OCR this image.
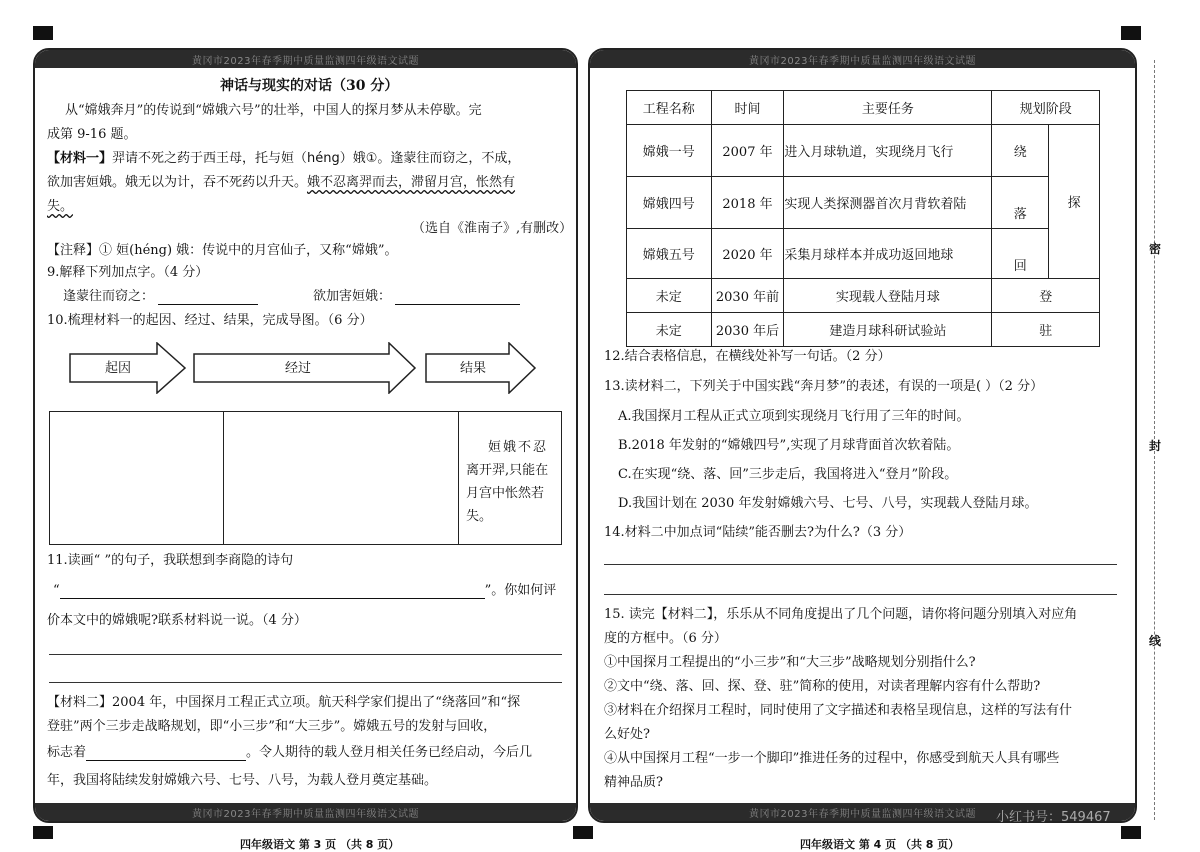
黄冈市2023年春季期中质量监测四年级语文试题
神话与现实的对话（30 分）
从“嫦娥奔月”的传说到“嫦娥六号”的壮举，中国人的探月梦从未停歇。完
成第 9-16 题。
【材料一】羿请不死之药于西王母，托与姮（héng）娥①。逢蒙往而窃之，不成，
欲加害姮娥。娥无以为计，吞不死药以升天。娥不忍离羿而去，滞留月宫，怅然有
失。
（选自《淮南子》,有删改）
【注释】① 姮(héng) 娥：传说中的月宫仙子，又称“嫦娥”。
9.解释下列加点字。（4 分）
逢蒙往而窃之：	欲加害姮娥：
10.梳理材料一的起因、经过、结果，完成导图。（6 分）
起因	经过	结果
姮娥不忍
离开羿,只能在
月宫中怅然若
失。
11.读画“ ”的句子，我联想到李商隐的诗句
“	”。你如何评
价本文中的嫦娥呢?联系材料说一说。（4 分）
【材料二】2004 年，中国探月工程正式立项。航天科学家们提出了“绕落回”和“探
登驻”两个三步走战略规划，即“小三步”和“大三步”。嫦娥五号的发射与回收，
标志着	。令人期待的载人登月相关任务已经启动，今后几
年，我国将陆续发射嫦娥六号、七号、八号，为载人登月奠定基础。
黄冈市2023年春季期中质量监测四年级语文试题
黄冈市2023年春季期中质量监测四年级语文试题
工程名称	时间	主要任务	规划阶段	
嫦娥一号	2007 年	进入月球轨道，实现绕月飞行	绕	探
嫦娥四号	2018 年	实现人类探测器首次月背软着陆	落	
嫦娥五号	2020 年	采集月球样本并成功返回地球	回	
未定	2030 年前	实现载人登陆月球	登	
未定	2030 年后	建造月球科研试验站	驻	
12.结合表格信息，在横线处补写一句话。（2 分）
13.读材料二，下列关于中国实践“奔月梦”的表述，有误的一项是( ）（2 分）
A.我国探月工程从正式立项到实现绕月飞行用了三年的时间。
B.2018 年发射的“嫦娥四号”,实现了月球背面首次软着陆。
C.在实现“绕、落、回”三步走后，我国将进入“登月”阶段。
D.我国计划在 2030 年发射嫦娥六号、七号、八号，实现载人登陆月球。
14.材料二中加点词“陆续”能否删去?为什么?（3 分）
15. 读完【材料二】，乐乐从不同角度提出了几个问题，请你将问题分别填入对应角
度的方框中。（6 分）
①中国探月工程提出的“小三步”和“大三步”战略规划分别指什么?
②文中“绕、落、回、探、登、驻”简称的使用，对读者理解内容有什么帮助?
③材料在介绍探月工程时，同时使用了文字描述和表格呈现信息，这样的写法有什
么好处?
④从中国探月工程“一步一个脚印”推进任务的过程中，你感受到航天人具有哪些
精神品质?
黄冈市2023年春季期中质量监测四年级语文试题
密
封
线
四年级语文 第 3 页 （共 8 页）	四年级语文 第 4 页 （共 8 页）
小红书号：549467
